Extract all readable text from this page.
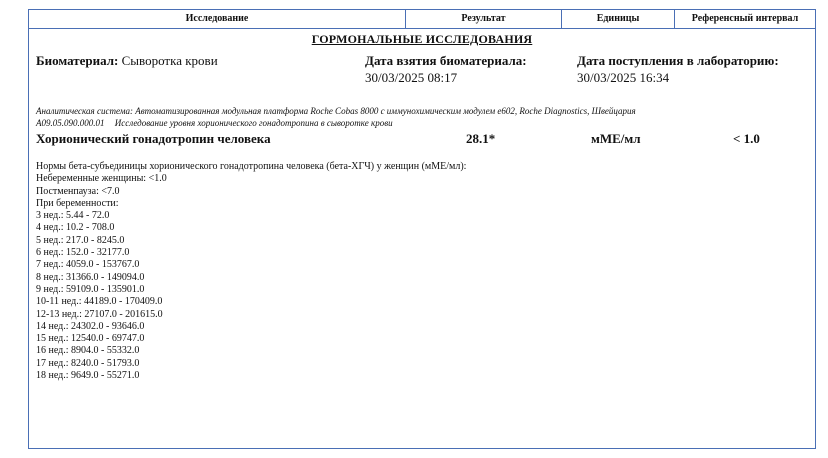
Исследование	Результат	Единицы	Референсный интервал
ГОРМОНАЛЬНЫЕ ИССЛЕДОВАНИЯ
Биоматериал: Сыворотка крови	Дата взятия биоматериала:
30/03/2025 08:17
Дата поступления в лабораторию:
30/03/2025 16:34
Аналитическая система: Автоматизированная модульная платформа Roche Cobas 8000 с иммунохимическим модулем e602, Roche Diagnostics, Швейцария
A09.05.090.000.01 Исследование уровня хорионического гонадотропина в сыворотке крови
Хорионический гонадотропин человека	28.1*	мМЕ/мл	< 1.0
Нормы бета-субъединицы хорионического гонадотропина человека (бета-ХГЧ) у женщин (мМЕ/мл):
Небеременные женщины: <1.0
Постменпауза: <7.0
При беременности:
3 нед.: 5.44 - 72.0
4 нед.: 10.2 - 708.0
5 нед.: 217.0 - 8245.0
6 нед.: 152.0 - 32177.0
7 нед.: 4059.0 - 153767.0
8 нед.: 31366.0 - 149094.0
9 нед.: 59109.0 - 135901.0
10-11 нед.: 44189.0 - 170409.0
12-13 нед.: 27107.0 - 201615.0
14 нед.: 24302.0 - 93646.0
15 нед.: 12540.0 - 69747.0
16 нед.: 8904.0 - 55332.0
17 нед.: 8240.0 - 51793.0
18 нед.: 9649.0 - 55271.0
